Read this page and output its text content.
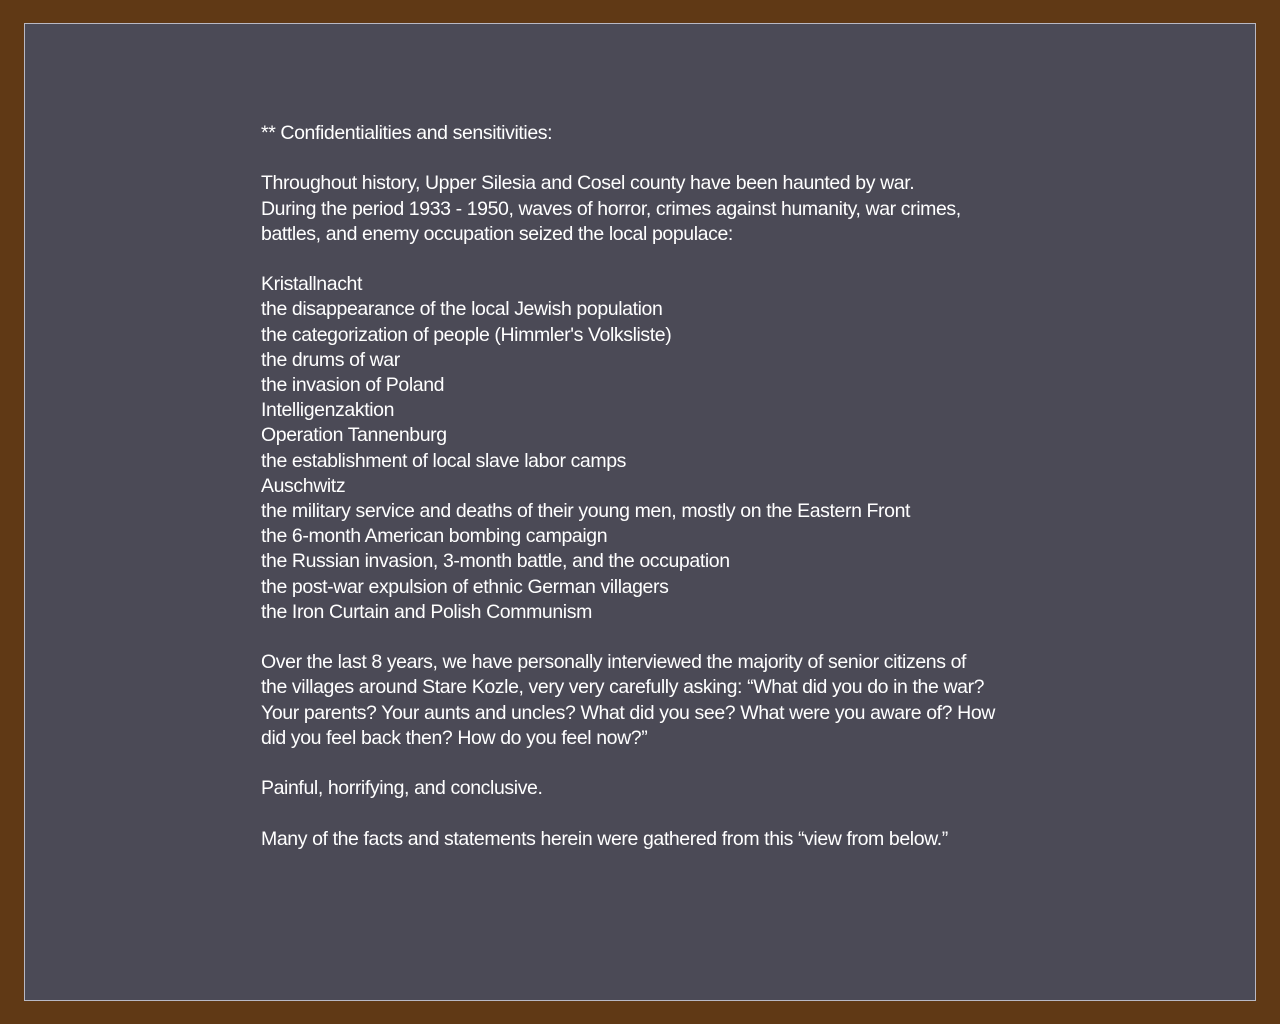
** Confidentialities and sensitivities:

Throughout history, Upper Silesia and Cosel county have been haunted by war.

During the period 1933 - 1950, waves of horror, crimes against humanity, war crimes,

battles, and enemy occupation seized the local populace:

Kristallnacht
the disappearance of the local Jewish population
the categorization of people (Himmler's Volksliste)
the drums of war
the invasion of Poland
Intelligenzaktion
Operation Tannenburg
the establishment of local slave labor camps
Auschwitz
the military service and deaths of their young men, mostly on the Eastern Front
the 6-month American bombing campaign
the Russian invasion, 3-month battle, and the occupation
the post-war expulsion of ethnic German villagers
the Iron Curtain and Polish Communism

Over the last 8 years, we have personally interviewed the majority of senior citizens of

the villages around Stare Kozle, very very carefully asking: “What did you do in the war?

Your parents? Your aunts and uncles? What did you see? What were you aware of? How

did you feel back then? How do you feel now?”

Painful, horrifying, and conclusive.

Many of the facts and statements herein were gathered from this “view from below.”
